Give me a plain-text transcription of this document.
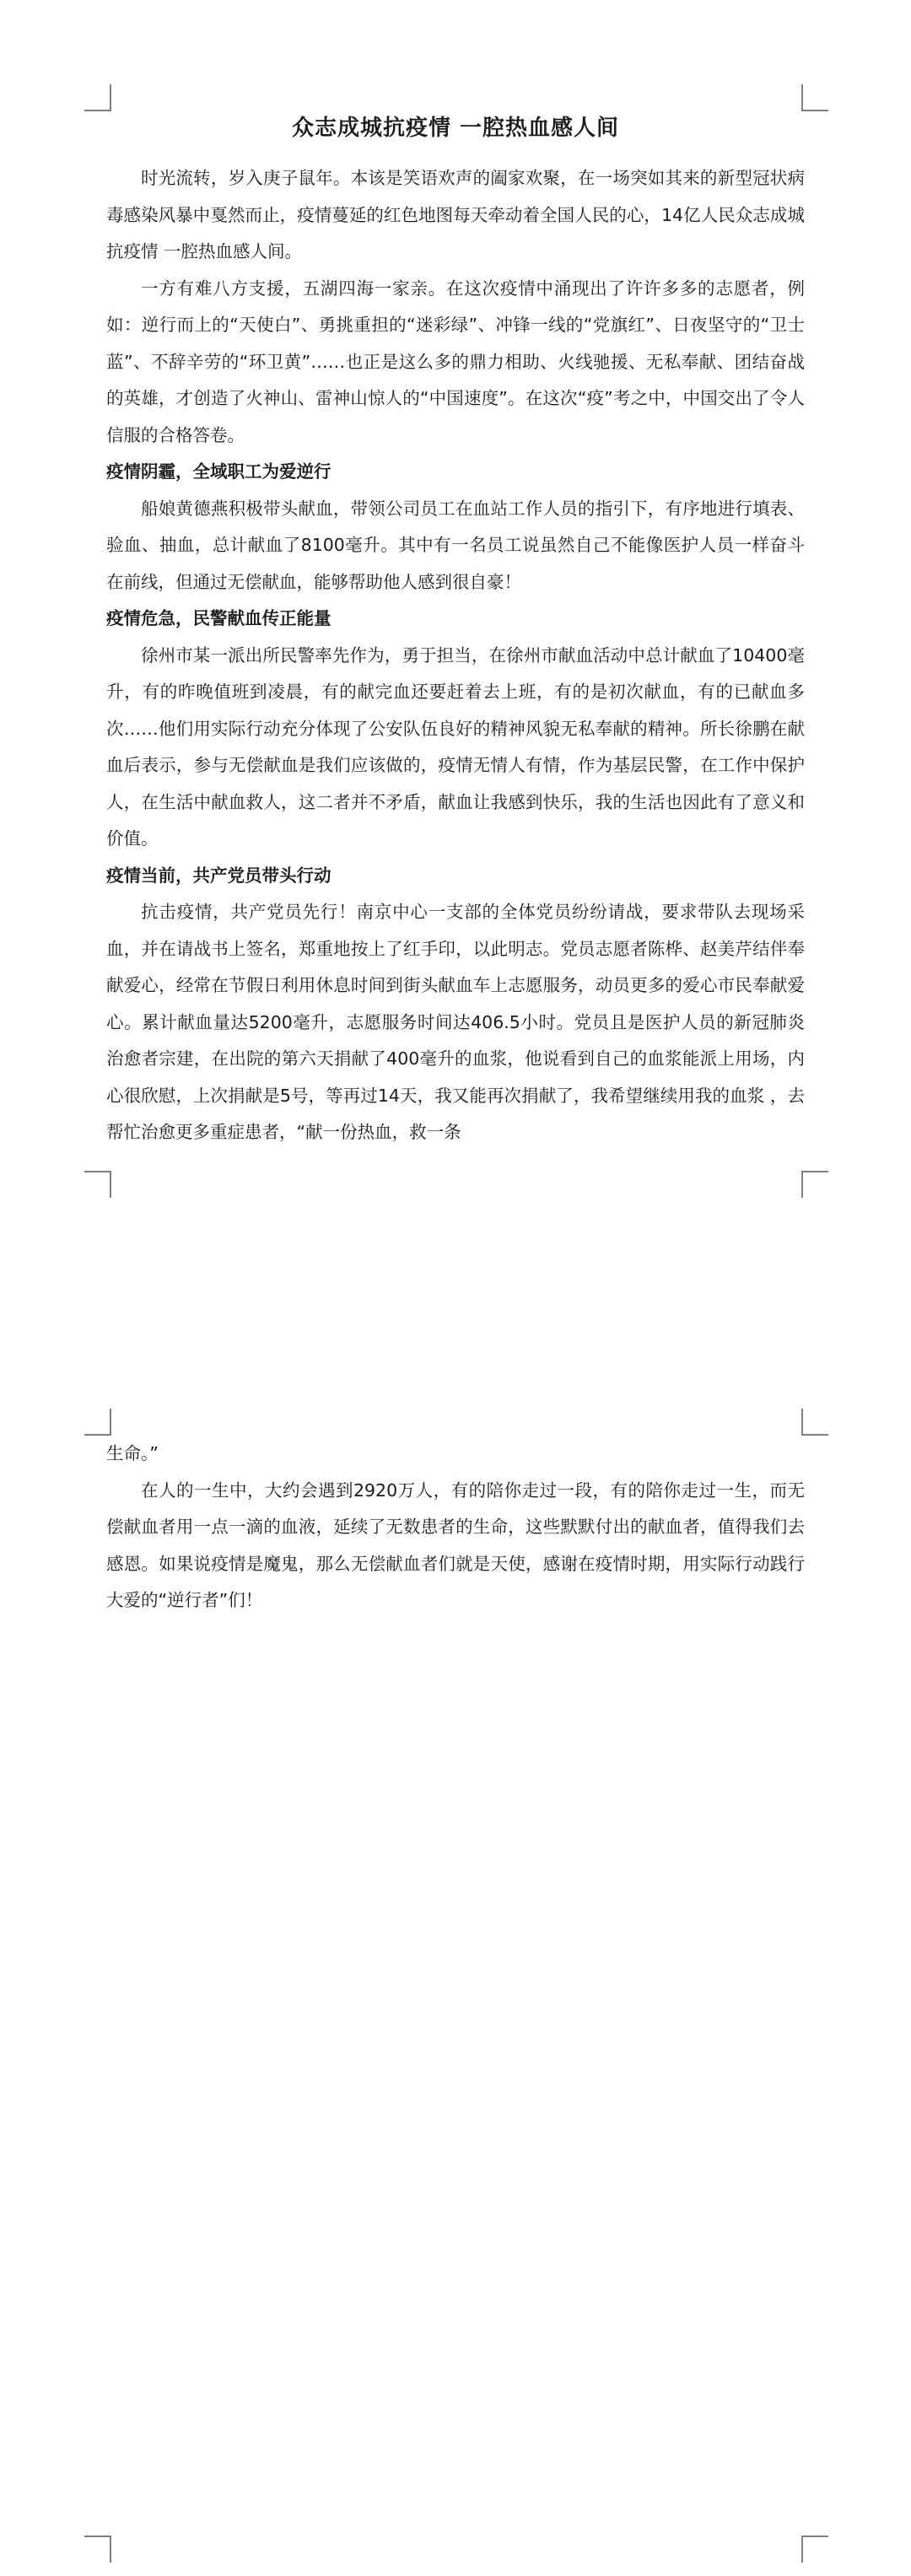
众志成城抗疫情 一腔热血感人间

时光流转，岁入庚子鼠年。本该是笑语欢声的阖家欢聚，在一场突如其来的新型冠状病毒感染风暴中戛然而止，疫情蔓延的红色地图每天牵动着全国人民的心，14亿人民众志成城抗疫情 一腔热血感人间。

一方有难八方支援，五湖四海一家亲。在这次疫情中涌现出了许许多多的志愿者，例如：逆行而上的“天使白”、勇挑重担的“迷彩绿”、冲锋一线的“党旗红”、日夜坚守的“卫士蓝”、不辞辛劳的“环卫黄”……也正是这么多的鼎力相助、火线驰援、无私奉献、团结奋战的英雄，才创造了火神山、雷神山惊人的“中国速度”。在这次“疫”考之中，中国交出了令人信服的合格答卷。

疫情阴霾，全域职工为爱逆行

船娘黄德燕积极带头献血，带领公司员工在血站工作人员的指引下，有序地进行填表、验血、抽血，总计献血了8100毫升。其中有一名员工说虽然自己不能像医护人员一样奋斗在前线，但通过无偿献血，能够帮助他人感到很自豪！

疫情危急，民警献血传正能量

徐州市某一派出所民警率先作为，勇于担当，在徐州市献血活动中总计献血了10400毫升，有的昨晚值班到凌晨，有的献完血还要赶着去上班，有的是初次献血，有的已献血多次……他们用实际行动充分体现了公安队伍良好的精神风貌无私奉献的精神。所长徐鹏在献血后表示，参与无偿献血是我们应该做的，疫情无情人有情，作为基层民警，在工作中保护人，在生活中献血救人，这二者并不矛盾，献血让我感到快乐，我的生活也因此有了意义和价值。

疫情当前，共产党员带头行动

抗击疫情，共产党员先行！南京中心一支部的全体党员纷纷请战，要求带队去现场采血，并在请战书上签名，郑重地按上了红手印，以此明志。党员志愿者陈桦、赵美芹结伴奉献爱心，经常在节假日利用休息时间到街头献血车上志愿服务，动员更多的爱心市民奉献爱心。累计献血量达5200毫升，志愿服务时间达406.5小时。党员且是医护人员的新冠肺炎治愈者宗建，在出院的第六天捐献了400毫升的血浆，他说看到自己的血浆能派上用场，内心很欣慰，上次捐献是5号，等再过14天，我又能再次捐献了，我希望继续用我的血浆 ，去帮忙治愈更多重症患者，“献一份热血，救一条

生命。”

在人的一生中，大约会遇到2920万人，有的陪你走过一段，有的陪你走过一生，而无偿献血者用一点一滴的血液，延续了无数患者的生命，这些默默付出的献血者，值得我们去感恩。如果说疫情是魔鬼，那么无偿献血者们就是天使，感谢在疫情时期，用实际行动践行大爱的“逆行者”们！
